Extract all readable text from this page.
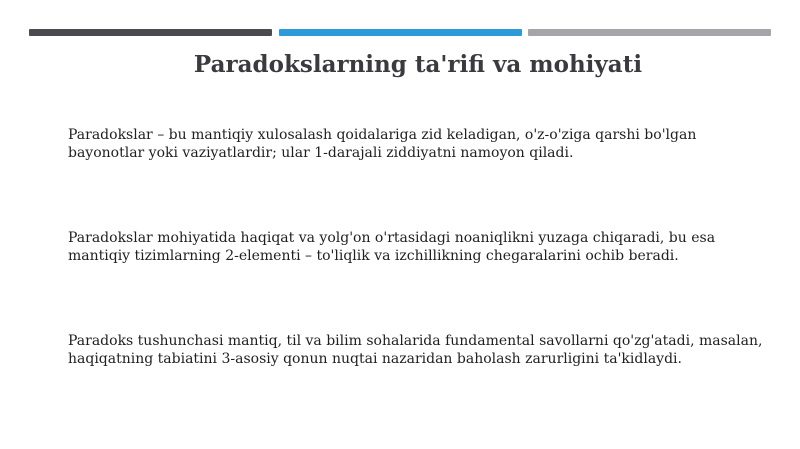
Paradokslarning ta'rifi va mohiyati

Paradokslar – bu mantiqiy xulosalash qoidalariga zid keladigan, o'z-o'ziga qarshi bo'lgan bayonotlar yoki vaziyatlardir; ular 1-darajali ziddiyatni namoyon qiladi.

Paradokslar mohiyatida haqiqat va yolg'on o'rtasidagi noaniqlikni yuzaga chiqaradi, bu esa mantiqiy tizimlarning 2-elementi – to'liqlik va izchillikning chegaralarini ochib beradi.

Paradoks tushunchasi mantiq, til va bilim sohalarida fundamental savollarni qo'zg'atadi, masalan, haqiqatning tabiatini 3-asosiy qonun nuqtai nazaridan baholash zarurligini ta'kidlaydi.
